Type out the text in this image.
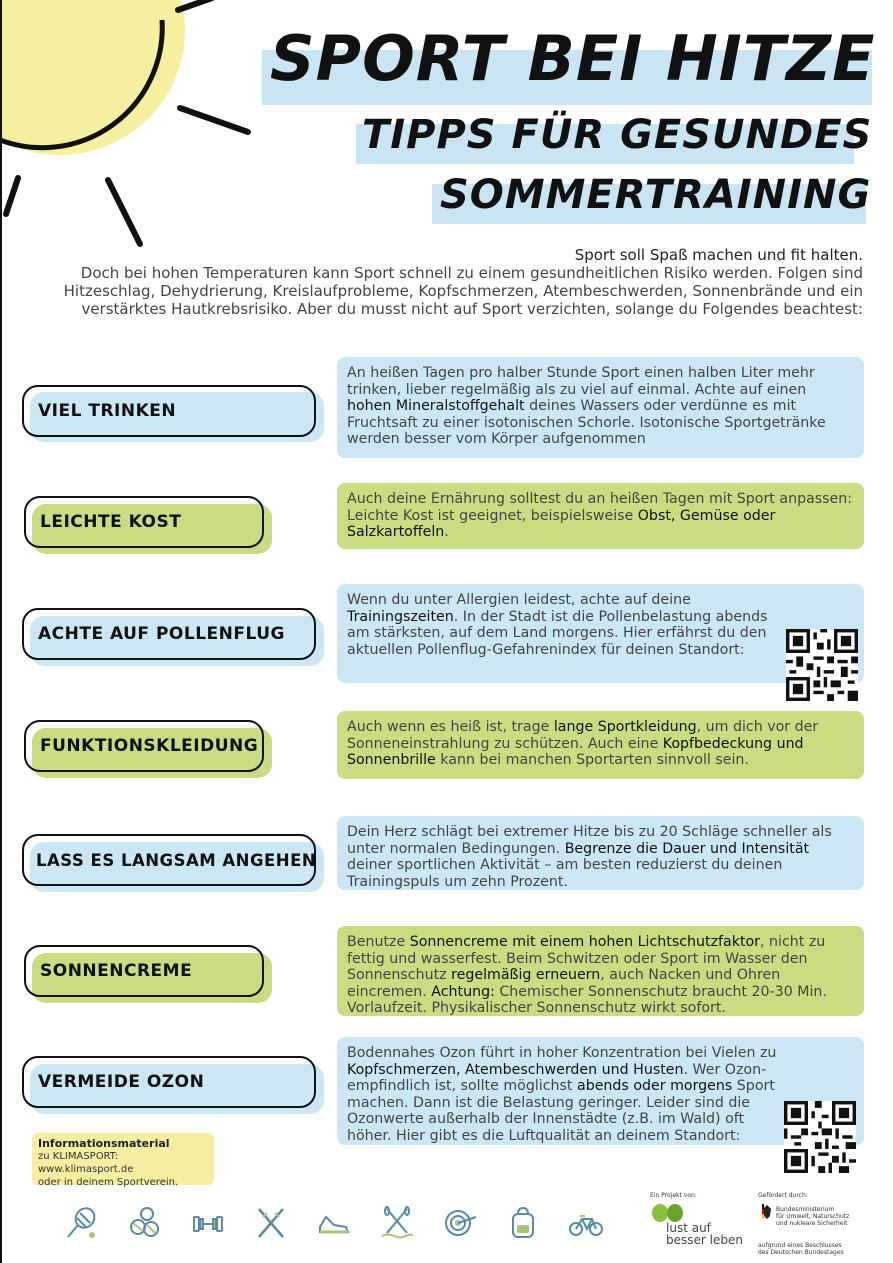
SPORT BEI HITZE
TIPPS FÜR GESUNDES
SOMMERTRAINING

Sport soll Spaß machen und fit halten.

Doch bei hohen Temperaturen kann Sport schnell zu einem gesundheitlichen Risiko werden. Folgen sind

Hitzeschlag, Dehydrierung, Kreislaufprobleme, Kopfschmerzen, Atembeschwerden, Sonnenbrände und ein

verstärktes Hautkrebsrisiko. Aber du musst nicht auf Sport verzichten, solange du Folgendes beachtest:

VIEL TRINKEN
An heißen Tagen pro halber Stunde Sport einen halben Liter mehr trinken, lieber regelmäßig als zu viel auf einmal. Achte auf einen hohen Mineralstoffgehalt deines Wassers oder verdünne es mit Fruchtsaft zu einer isotonischen Schorle. Isotonische Sportgetränke werden besser vom Körper aufgenommen
LEICHTE KOST
Auch deine Ernährung solltest du an heißen Tagen mit Sport anpassen: Leichte Kost ist geeignet, beispielsweise Obst, Gemüse oder Salzkartoffeln.
ACHTE AUF POLLENFLUG
Wenn du unter Allergien leidest, achte auf deine Trainingszeiten. In der Stadt ist die Pollenbelastung abends am stärksten, auf dem Land morgens. Hier erfährst du den aktuellen Pollenflug-Gefahrenindex für deinen Standort:
FUNKTIONSKLEIDUNG
Auch wenn es heiß ist, trage lange Sportkleidung, um dich vor der Sonneneinstrahlung zu schützen. Auch eine Kopfbedeckung und Sonnenbrille kann bei manchen Sportarten sinnvoll sein.
LASS ES LANGSAM ANGEHEN
Dein Herz schlägt bei extremer Hitze bis zu 20 Schläge schneller als unter normalen Bedingungen. Begrenze die Dauer und Intensität deiner sportlichen Aktivität – am besten reduzierst du deinen Trainingspuls um zehn Prozent.
SONNENCREME
Benutze Sonnencreme mit einem hohen Lichtschutzfaktor, nicht zu fettig und wasserfest. Beim Schwitzen oder Sport im Wasser den Sonnenschutz regelmäßig erneuern, auch Nacken und Ohren eincremen. Achtung: Chemischer Sonnenschutz braucht 20-30 Min. Vorlaufzeit. Physikalischer Sonnenschutz wirkt sofort.
VERMEIDE OZON
Bodennahes Ozon führt in hoher Konzentration bei Vielen zu Kopfschmerzen, Atembeschwerden und Husten. Wer Ozon-empfindlich ist, sollte möglichst abends oder morgens Sport machen. Dann ist die Belastung geringer. Leider sind die Ozonwerte außerhalb der Innenstädte (z.B. im Wald) oft höher. Hier gibt es die Luftqualität an deinem Standort:
Informationsmaterial
zu KLIMASPORT: www.klimasport.de
oder in deinem Sportverein.
Ein Projekt von:
lust auf
besser leben
Gefördert durch:
Bundesministerium
für Umwelt, Naturschutz
und nukleare Sicherheit
aufgrund eines Beschlusses
des Deutschen Bundestages
